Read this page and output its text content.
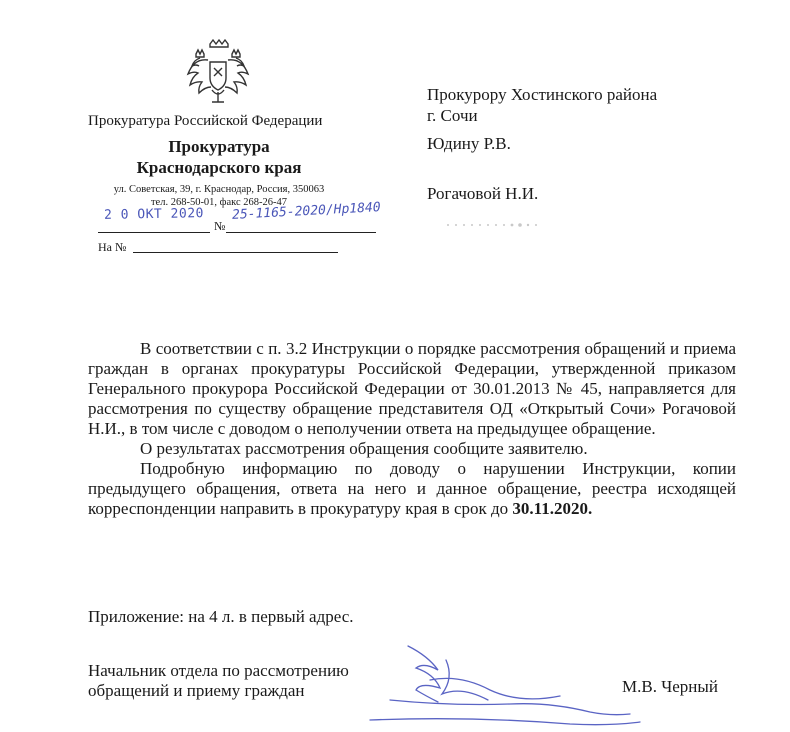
Прокуратура Российской Федерации
Прокуратура
Краснодарского края
ул. Советская, 39, г. Краснодар, Россия, 350063
тел. 268-50-01, факс 268-26-47
2 0 ОКТ 2020
№
25-1165-2020/Нр1840
На №
Прокурору Хостинского района
г. Сочи
Юдину Р.В.
Рогачовой Н.И.

В соответствии с п. 3.2 Инструкции о порядке рассмотрения обращений и приема граждан в органах прокуратуры Российской Федерации, утвержденной приказом Генерального прокурора Российской Федерации от 30.01.2013 № 45, направляется для рассмотрения по существу обращение представителя ОД «Открытый Сочи» Рогачовой Н.И., в том числе с доводом о неполучении ответа на предыдущее обращение.

О результатах рассмотрения обращения сообщите заявителю.

Подробную информацию по доводу о нарушении Инструкции, копии предыдущего обращения, ответа на него и данное обращение, реестра исходящей корреспонденции направить в прокуратуру края в срок до 30.11.2020.

Приложение: на 4 л. в первый адрес.
Начальник отдела по рассмотрению
обращений и приему граждан	М.В. Черный
